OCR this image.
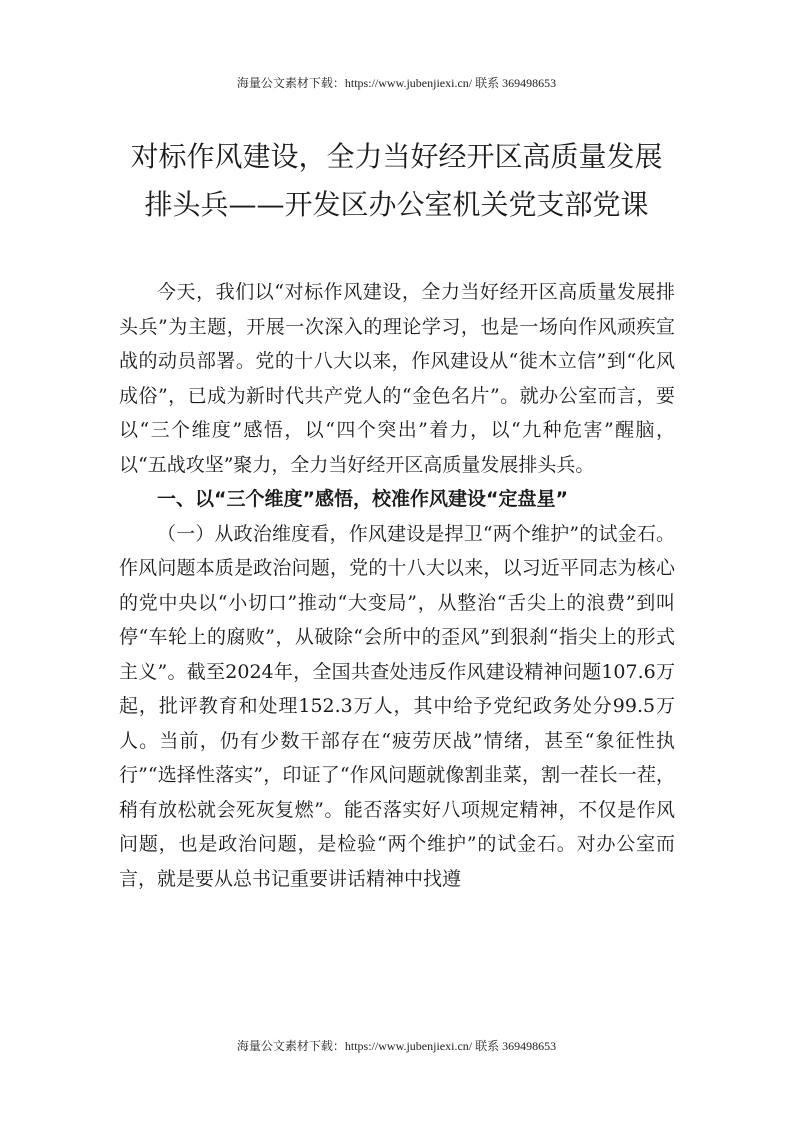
海量公文素材下载：https://www.jubenjiexi.cn/ 联系 369498653
对标作风建设，全力当好经开区高质量发展
排头兵——开发区办公室机关党支部党课

今天，我们以“对标作风建设，全力当好经开区高质量发展排头兵”为主题，开展一次深入的理论学习，也是一场向作风顽疾宣战的动员部署。党的十八大以来，作风建设从“徙木立信”到“化风成俗”，已成为新时代共产党人的“金色名片”。就办公室而言，要以“三个维度”感悟，以“四个突出”着力，以“九种危害”醒脑，以“五战攻坚”聚力，全力当好经开区高质量发展排头兵。

一、以“三个维度”感悟，校准作风建设“定盘星”

（一）从政治维度看，作风建设是捍卫“两个维护”的试金石。作风问题本质是政治问题，党的十八大以来，以习近平同志为核心的党中央以“小切口”推动“大变局”，从整治“舌尖上的浪费”到叫停“车轮上的腐败”，从破除“会所中的歪风”到狠刹“指尖上的形式主义”。截至2024年，全国共查处违反作风建设精神问题107.6万起，批评教育和处理152.3万人，其中给予党纪政务处分99.5万人。当前，仍有少数干部存在“疲劳厌战”情绪，甚至“象征性执行”“选择性落实”，印证了“作风问题就像割韭菜，割一茬长一茬，稍有放松就会死灰复燃”。能否落实好八项规定精神，不仅是作风问题，也是政治问题，是检验“两个维护”的试金石。对办公室而言，就是要从总书记重要讲话精神中找遵

海量公文素材下载：https://www.jubenjiexi.cn/ 联系 369498653
